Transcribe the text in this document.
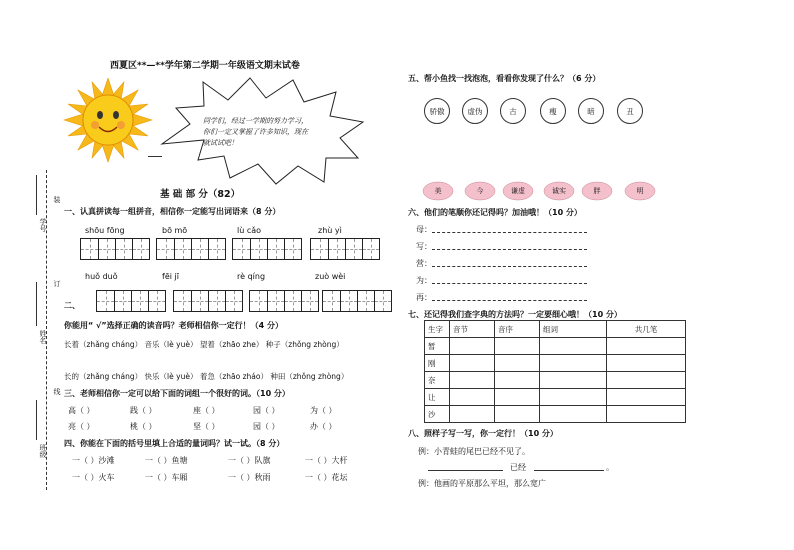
西夏区**—**学年第二学期一年级语文期末试卷
同学们，经过一学期的努力学习，你们一定又掌握了许多知识，现在就试试吧！
学号
姓名
班级
装
订
线
基 础 部 分（82）
一、认真拼读每一组拼音，相信你一定能写出词语来（8 分）
shōu fōng	bō mō	lù cǎo	zhù yì
huǒ duǒ	fēi jī	rè qíng	zuò wèi
二、
你能用“ √”选择正确的读音吗？老师相信你一定行！（4 分）
长着（zhǎng cháng） 音乐（lè yuè） 望着（zhāo zhe） 种子（zhǒng zhòng）
长的（zhǎng cháng） 快乐（lè yuè） 着急（zhāo zháo） 种田（zhǒng zhòng）
三、老师相信你一定可以给下面的词组一个很好的词。（10 分）
高（ ）	践（ ）	座（ ）	园（ ）	为（ ）
亮（ ）	桃（ ）	坚（ ）	园（ ）	办（ ）
四、你能在下面的括号里填上合适的量词吗？试一试。（8 分）
一（ ）沙滩	一（ ）鱼塘	一（ ）队旗	一（ ）大杆
一（ ）火车	一（ ）车厢	一（ ）秋雨	一（ ）花坛
五、帮小鱼找一找泡泡，看看你发现了什么？（6 分）
骄傲	虚伪	古	瘦	暗	丑
美	今	谦虚	诚实	胖	明
六、他们的笔顺你还记得吗？加油哦！（10 分）
母：
写：
营：
为：
再：
七、还记得我们查字典的方法吗？一定要细心哦！（10 分）
生字	音节	音序	组词	共几笔
暂				
刚				
奈				
让				
沙				
八、照样子写一写，你一定行！（10 分）
例：小青蛙的尾巴已经不见了。
已经	。
例：他画的平原那么平坦，那么宽广
